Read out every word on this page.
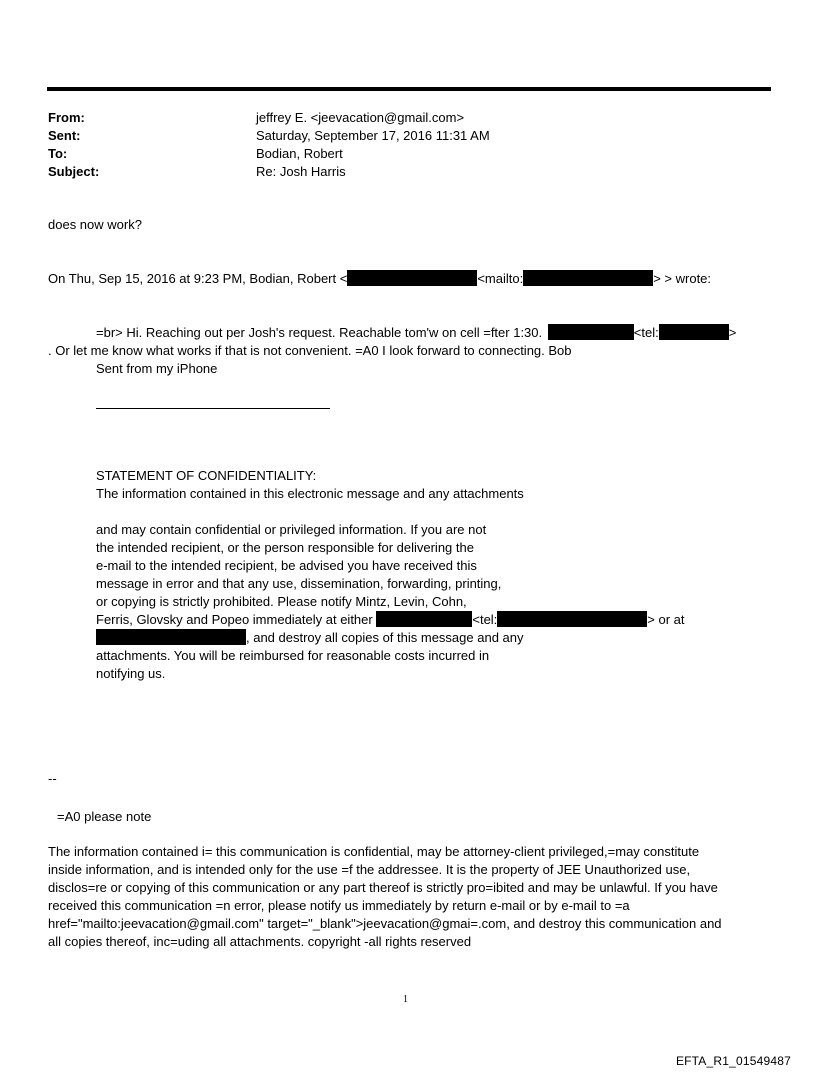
From:	jeffrey E. <jeevacation@gmail.com>
Sent:	Saturday, September 17, 2016 11:31 AM
To:	Bodian, Robert
Subject:	Re: Josh Harris
does now work?
On Thu, Sep 15, 2016 at 9:23 PM, Bodian, Robert <	<mailto:	> > wrote:
=br> Hi. Reaching out per Josh's request. Reachable tom'w on cell =fter 1:30.	<tel:	>
. Or let me know what works if that is not convenient. =A0 I look forward to connecting. Bob
Sent from my iPhone
STATEMENT OF CONFIDENTIALITY:
The information contained in this electronic message and any attachments
and may contain confidential or privileged information. If you are not
the intended recipient, or the person responsible for delivering the
e-mail to the intended recipient, be advised you have received this
message in error and that any use, dissemination, forwarding, printing,
or copying is strictly prohibited. Please notify Mintz, Levin, Cohn,
Ferris, Glovsky and Popeo immediately at either	<tel:	> or at
, and destroy all copies of this message and any
attachments. You will be reimbursed for reasonable costs incurred in
notifying us.
--
=A0 please note
The information contained i= this communication is confidential, may be attorney-client privileged,=may constitute
inside information, and is intended only for the use =f the addressee. It is the property of JEE Unauthorized use,
disclos=re or copying of this communication or any part thereof is strictly pro=ibited and may be unlawful. If you have
received this communication =n error, please notify us immediately by return e-mail or by e-mail to =a
href="mailto:jeevacation@gmail.com" target="_blank">jeevacation@gmai=.com, and destroy this communication and
all copies thereof, inc=uding all attachments. copyright -all rights reserved
1
EFTA_R1_01549487
